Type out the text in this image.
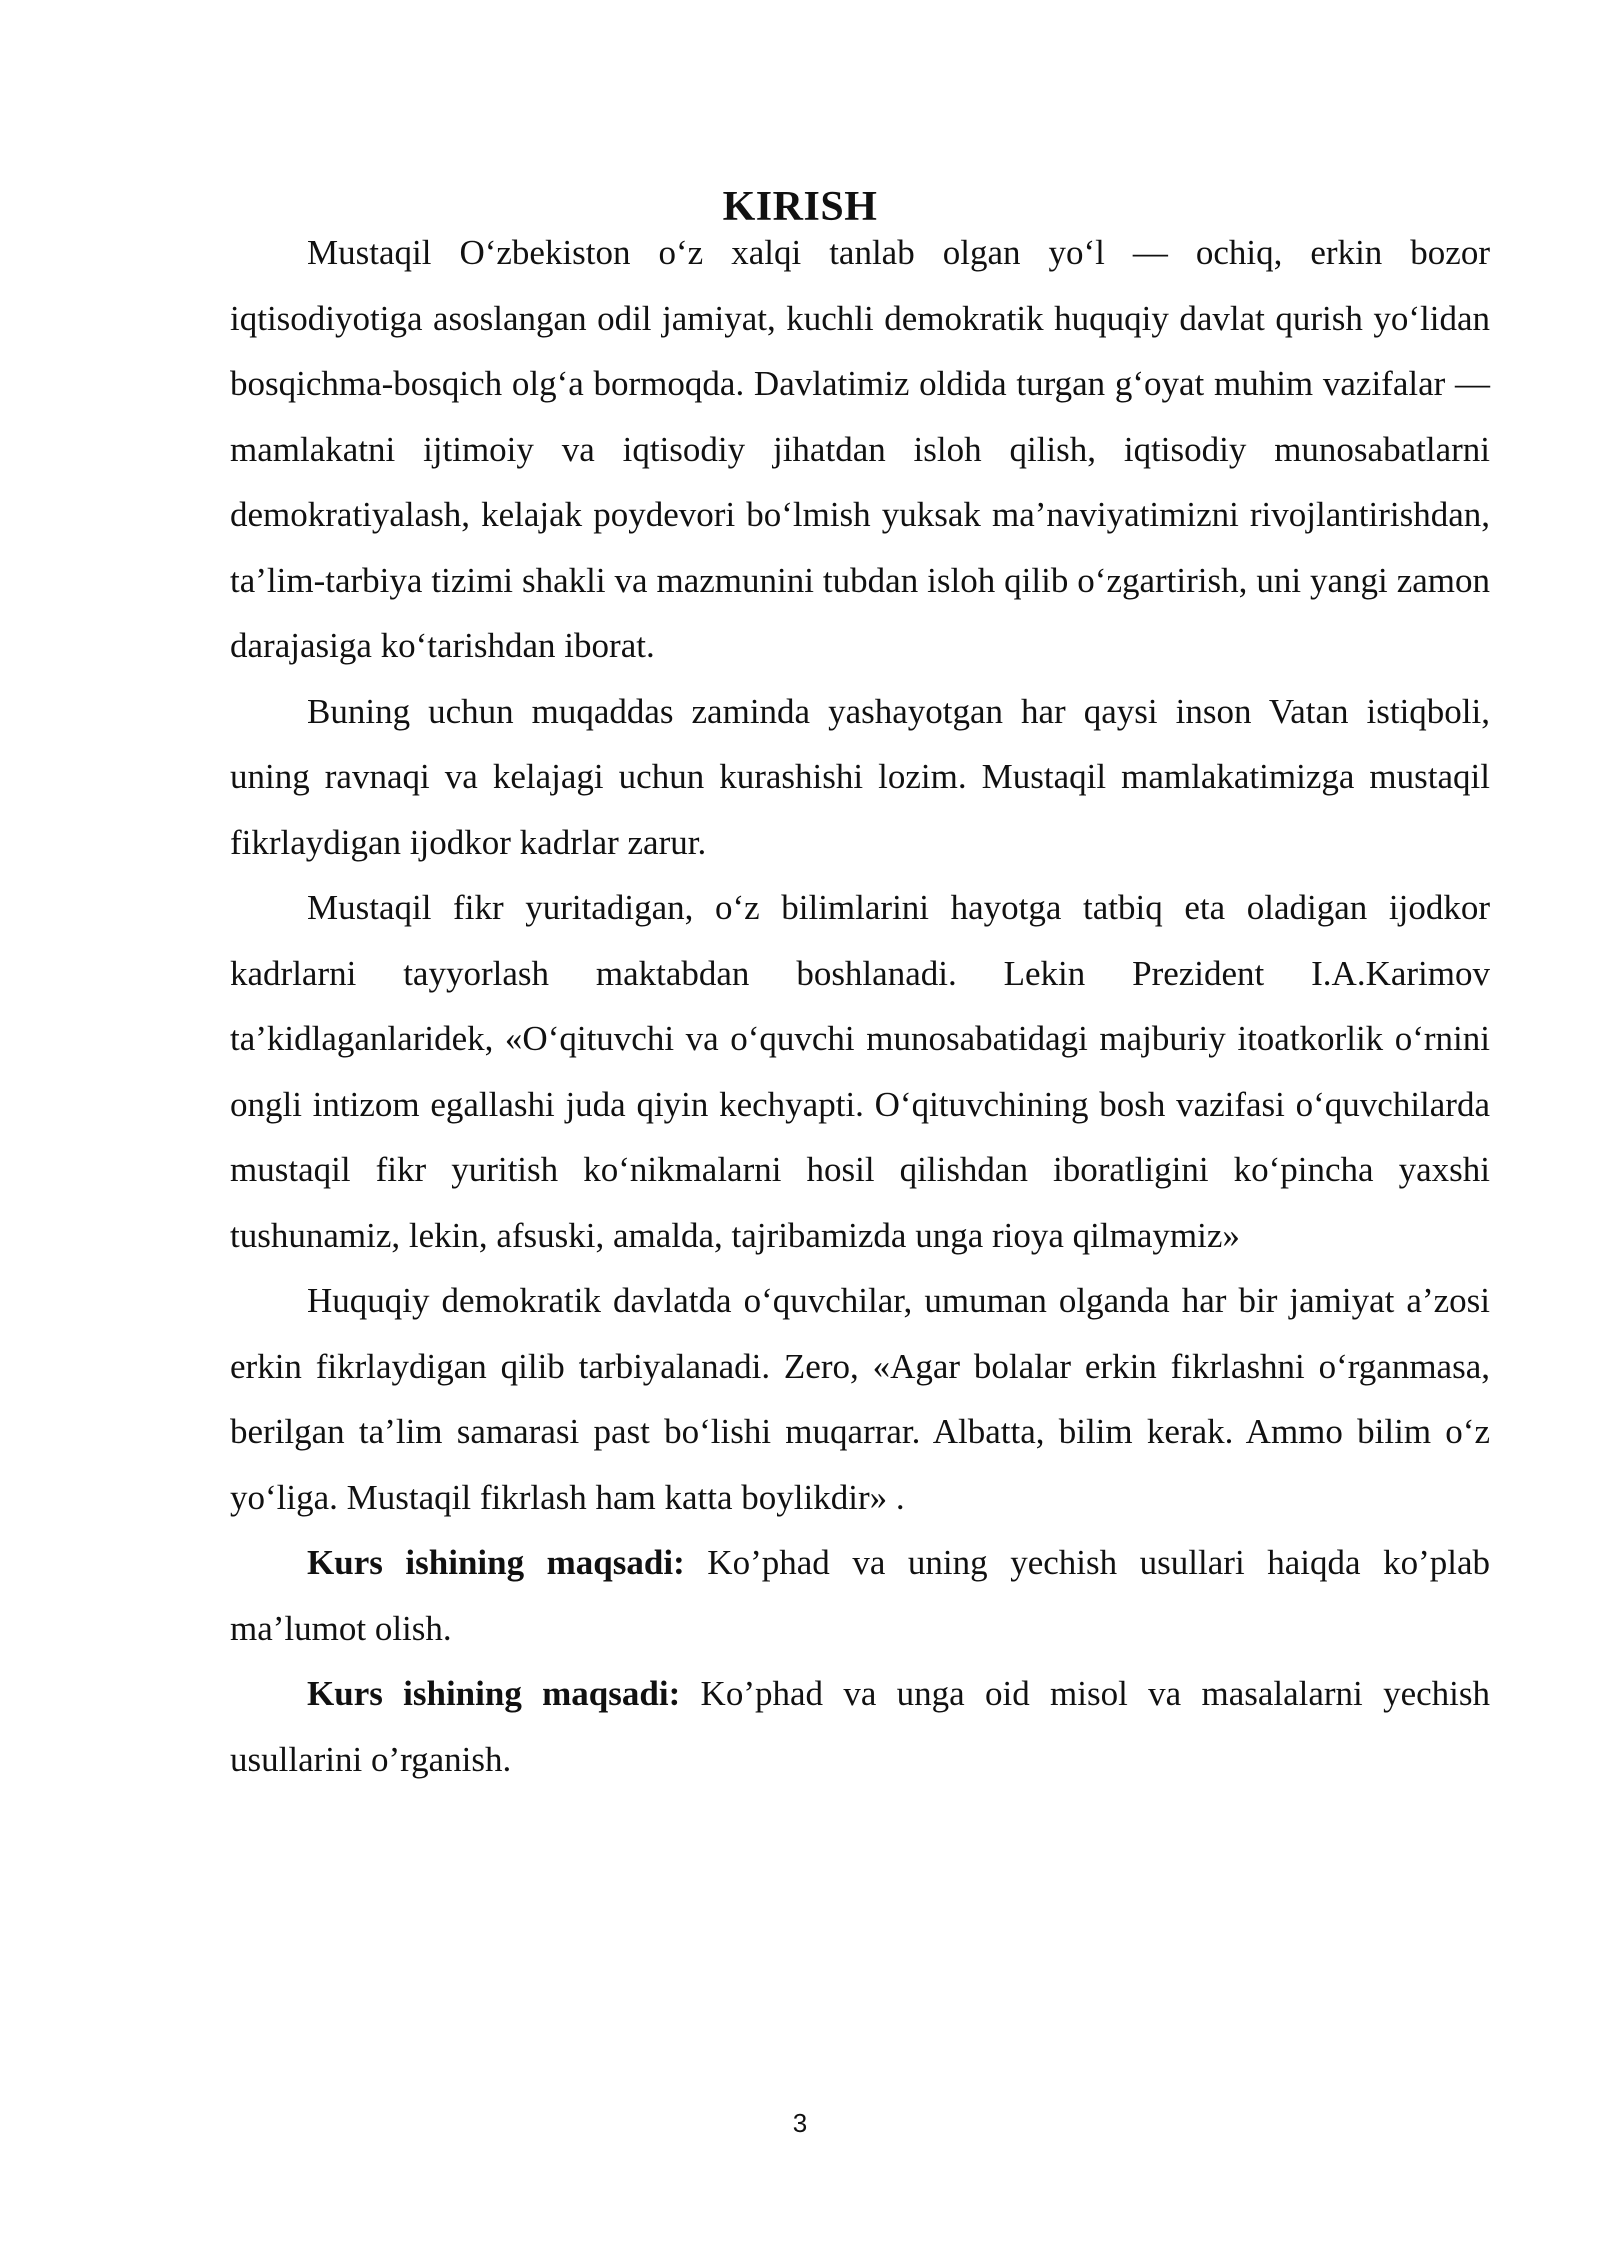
KIRISH

Mustaqil O‘zbekiston o‘z xalqi tanlab olgan yo‘l — ochiq, erkin bozor iqtisodiyotiga asoslangan odil jamiyat, kuchli demokratik huquqiy davlat qurish yo‘lidan bosqichma-bosqich olg‘a bormoqda. Davlatimiz oldida turgan g‘oyat muhim vazifalar — mamlakatni ijtimoiy va iqtisodiy jihatdan isloh qilish, iqtisodiy munosabatlarni demokratiyalash, kelajak poydevori bo‘lmish yuksak ma’naviyatimizni rivojlantirishdan, ta’lim-tarbiya tizimi shakli va mazmunini tubdan isloh qilib o‘zgartirish, uni yangi zamon darajasiga ko‘tarishdan iborat.

Buning uchun muqaddas zaminda yashayotgan har qaysi inson Vatan istiqboli, uning ravnaqi va kelajagi uchun kurashishi lozim. Mustaqil mamlakatimizga mustaqil fikrlaydigan ijodkor kadrlar zarur.

Mustaqil fikr yuritadigan, o‘z bilimlarini hayotga tatbiq eta oladigan ijodkor kadrlarni tayyorlash maktabdan boshlanadi. Lekin Prezident I.A.Karimov ta’kidlaganlaridek, «O‘qituvchi va o‘quvchi munosabatidagi majburiy itoatkorlik o‘rnini ongli intizom egallashi juda qiyin kechyapti. O‘qituvchining bosh vazifasi o‘quvchilarda mustaqil fikr yuritish ko‘nikmalarni hosil qilishdan iboratligini ko‘pincha yaxshi tushunamiz, lekin, afsuski, amalda, tajribamizda unga rioya qilmaymiz»

Huquqiy demokratik davlatda o‘quvchilar, umuman olganda har bir jamiyat a’zosi erkin fikrlaydigan qilib tarbiyalanadi. Zero, «Agar bolalar erkin fikrlashni o‘rganmasa, berilgan ta’lim samarasi past bo‘lishi muqarrar. Albatta, bilim kerak. Ammo bilim o‘z yo‘liga. Mustaqil fikrlash ham katta boylikdir» .

Kurs ishining maqsadi: Ko’phad va uning yechish usullari haiqda ko’plab ma’lumot olish.

Kurs ishining maqsadi: Ko’phad va unga oid misol va masalalarni yechish usullarini o’rganish.

3
